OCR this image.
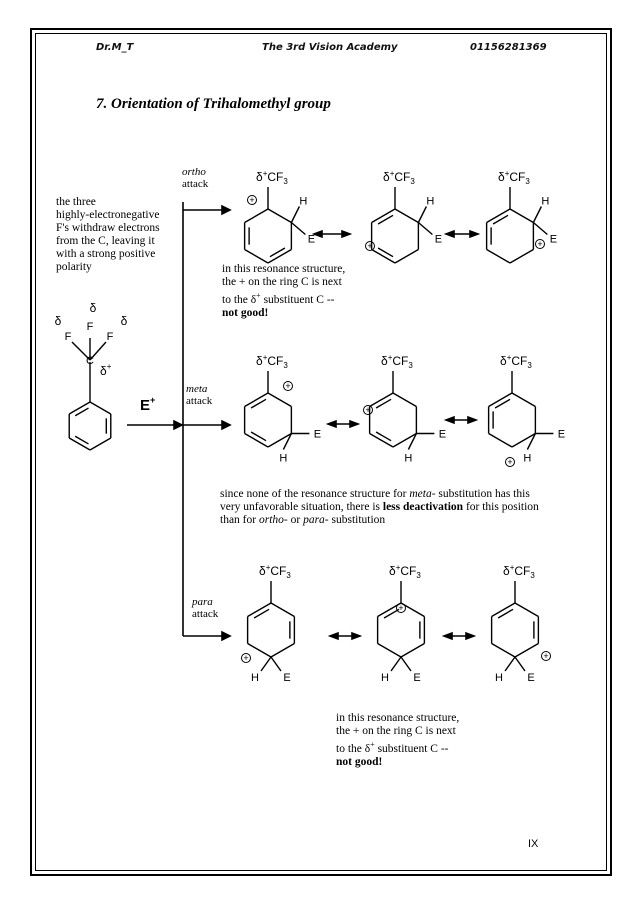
Dr.M_T	The 3rd Vision Academy	01156281369
7. Orientation of Trihalomethyl group
the three
highly-electronegative
F's withdraw electrons
from the C, leaving it
with a strong positive
polarity
ortho
attack
meta
attack
para
attack
in this resonance structure,
the + on the ring C is next
to the δ+ substituent C --
not good!
since none of the resonance structure for meta- substitution has this
very unfavorable situation, there is less deactivation for this position
than for ortho- or para- substitution
in this resonance structure,
the + on the ring C is next
to the δ+ substituent C --
not good!
F
F
F
C
δ
δ
δ
δ+
E+
$\delta^+CF_3$
H
E
+
$\delta^+CF_3$
H
E
+
$\delta^+CF_3$
H
E
+
$\delta^+CF_3$
H
E
+
$\delta^+CF_3$
H
E
+
$\delta^+CF_3$
H
E
+
$\delta^+CF_3$
H E
+
$\delta^+CF_3$
H E
+
$\delta^+CF_3$
H E
+
IX
